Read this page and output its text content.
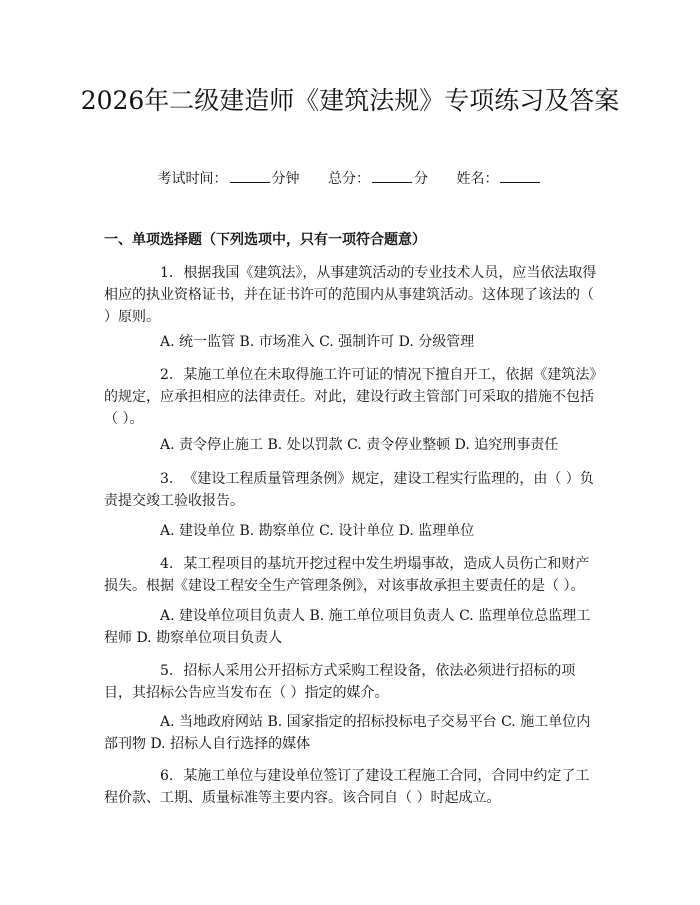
2026年二级建造师《建筑法规》专项练习及答案
考试时间：	分钟 总分：	分 姓名：
一、单项选择题（下列选项中，只有一项符合题意）

1. 根据我国《建筑法》，从事建筑活动的专业技术人员，应当依法取得相应的执业资格证书，并在证书许可的范围内从事建筑活动。这体现了该法的（ ）原则。

A. 统一监管 B. 市场准入 C. 强制许可 D. 分级管理

2. 某施工单位在未取得施工许可证的情况下擅自开工，依据《建筑法》的规定，应承担相应的法律责任。对此，建设行政主管部门可采取的措施不包括（ ）。

A. 责令停止施工 B. 处以罚款 C. 责令停业整顿 D. 追究刑事责任

3. 《建设工程质量管理条例》规定，建设工程实行监理的，由（ ）负责提交竣工验收报告。

A. 建设单位 B. 勘察单位 C. 设计单位 D. 监理单位

4. 某工程项目的基坑开挖过程中发生坍塌事故，造成人员伤亡和财产损失。根据《建设工程安全生产管理条例》，对该事故承担主要责任的是（ ）。

A. 建设单位项目负责人 B. 施工单位项目负责人 C. 监理单位总监理工程师 D. 勘察单位项目负责人

5. 招标人采用公开招标方式采购工程设备，依法必须进行招标的项目，其招标公告应当发布在（ ）指定的媒介。

A. 当地政府网站 B. 国家指定的招标投标电子交易平台 C. 施工单位内部刊物 D. 招标人自行选择的媒体

6. 某施工单位与建设单位签订了建设工程施工合同，合同中约定了工程价款、工期、质量标准等主要内容。该合同自（ ）时起成立。
